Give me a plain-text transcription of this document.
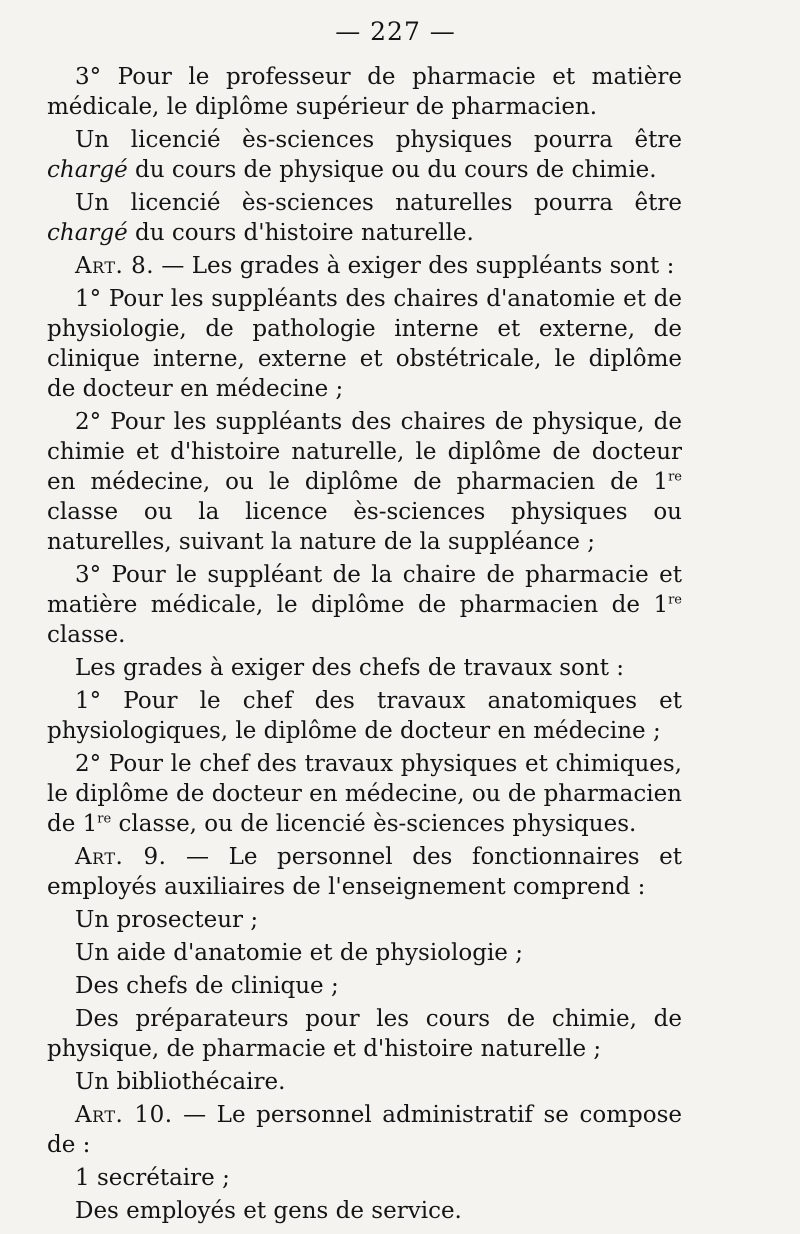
— 227 —

3° Pour le professeur de pharmacie et matière médicale, le diplôme supérieur de pharmacien.

Un licencié ès-sciences physiques pourra être chargé du cours de physique ou du cours de chimie.

Un licencié ès-sciences naturelles pourra être chargé du cours d'histoire naturelle.

Art. 8. — Les grades à exiger des suppléants sont :

1° Pour les suppléants des chaires d'anatomie et de physiologie, de pathologie interne et externe, de clinique interne, externe et obstétricale, le diplôme de docteur en médecine ;

2° Pour les suppléants des chaires de physique, de chimie et d'histoire naturelle, le diplôme de docteur en médecine, ou le diplôme de pharmacien de 1re classe ou la licence ès-sciences physiques ou naturelles, suivant la nature de la suppléance ;

3° Pour le suppléant de la chaire de pharmacie et matière médicale, le diplôme de pharmacien de 1re classe.

Les grades à exiger des chefs de travaux sont :

1° Pour le chef des travaux anatomiques et physiologiques, le diplôme de docteur en médecine ;

2° Pour le chef des travaux physiques et chimiques, le diplôme de docteur en médecine, ou de pharmacien de 1re classe, ou de licencié ès-sciences physiques.

Art. 9. — Le personnel des fonctionnaires et employés auxiliaires de l'enseignement comprend :

Un prosecteur ;

Un aide d'anatomie et de physiologie ;

Des chefs de clinique ;

Des préparateurs pour les cours de chimie, de physique, de pharmacie et d'histoire naturelle ;

Un bibliothécaire.

Art. 10. — Le personnel administratif se compose de :

1 secrétaire ;

Des employés et gens de service.
